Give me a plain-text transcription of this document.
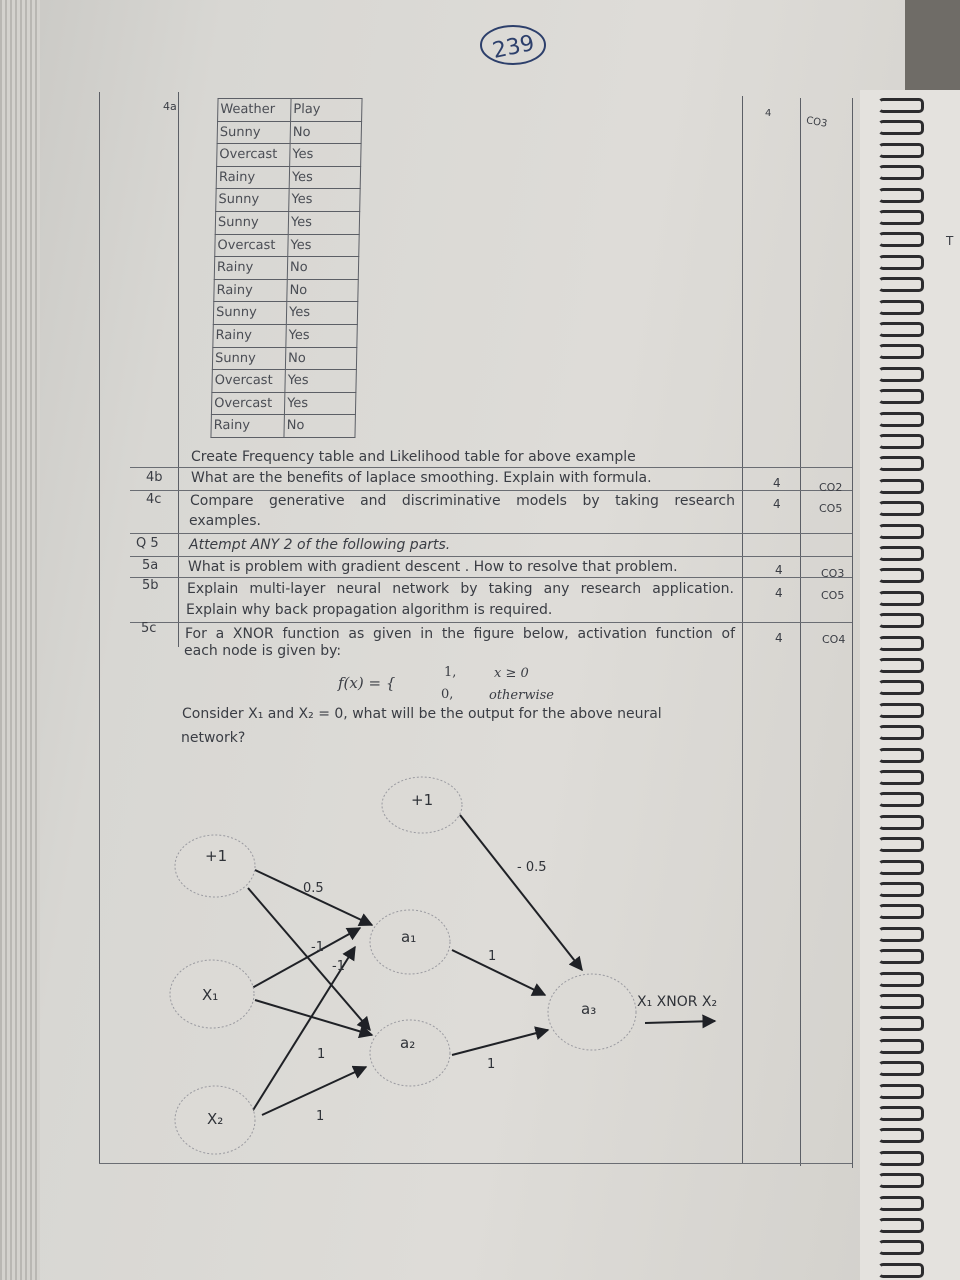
T
239
4a
4
CO3
Weather	Play
Sunny	No
Overcast	Yes
Rainy	Yes
Sunny	Yes
Sunny	Yes
Overcast	Yes
Rainy	No
Rainy	No
Sunny	Yes
Rainy	Yes
Sunny	No
Overcast	Yes
Overcast	Yes
Rainy	No
Create Frequency table and Likelihood table for above example
4b What are the benefits of laplace smoothing. Explain with formula.	4	CO2
4c Compare generative and discriminative models by taking research
examples.
4	CO5
Q 5 Attempt ANY 2 of the following parts.
5a What is problem with gradient descent . How to resolve that problem.	4	CO3
5b Explain multi-layer neural network by taking any research application.
Explain why back propagation algorithm is required.
4	CO5
5c For a XNOR function as given in the figure below, activation function of
each node is given by:
4	CO4
f(x) = {
1,	x ≥ 0
0,	otherwise
Consider X₁ and X₂ = 0, what will be the output for the above neural
network?
+1
X₁
X₂
+1
a₁
a₂
a₃
0.5
-1
-1
1
1
1
1
- 0.5
X₁ XNOR X₂
